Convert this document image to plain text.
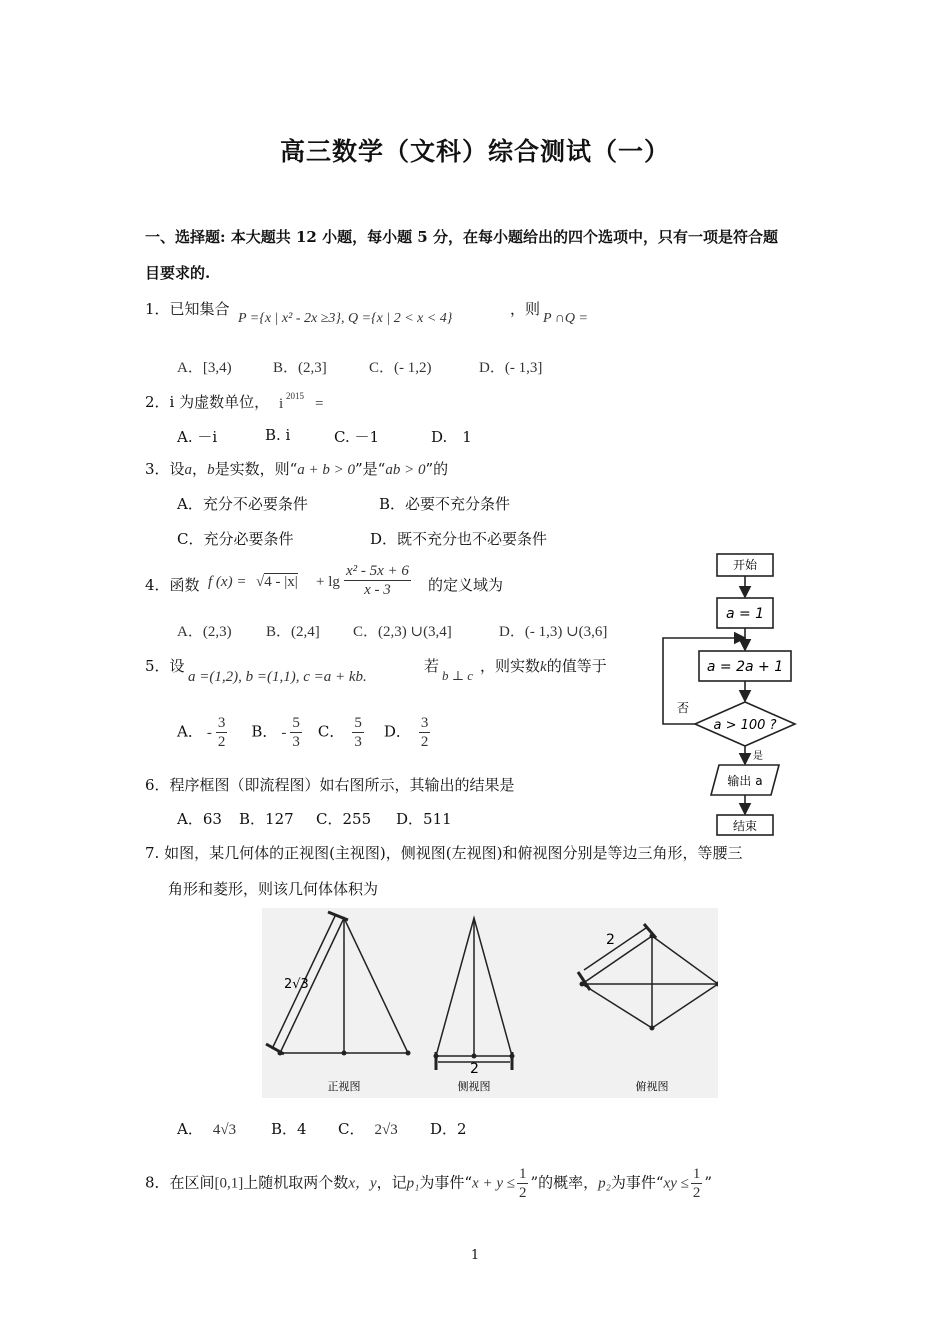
高三数学（文科）综合测试（一）
一、选择题: 本大题共 12 小题，每小题 5 分，在每小题给出的四个选项中，只有一项是符合题
目要求的.
1．已知集合
P ={x | x² - 2x ≥3}, Q ={x | 2 < x < 4}
，则
P ∩Q =
A．[3,4)	B．(2,3]	C．(- 1,2)	D．(- 1,3]
2．i 为虚数单位， i 2015 =
A. －i	B. i	C. －1	D.　1
3．设a，b是实数，则“a + b > 0”是“ab > 0”的
A．充分不必要条件	B．必要不充分条件
C．充分必要条件	D．既不充分也不必要条件
4．函数 f $(x) = √4 - |x| + \lg \frac{\text{x² - 5x + 6}}{x - 3}$ 的定义域为
A．(2,3) B．(2,4] C．(2,3) ∪(3,4]	D．(- 1,3) ∪(3,6]
5．设
a =(1,2), b =(1,1), c =a + kb.
若
b ⊥ c
，则实数k的值等于
A． - $\frac{3}{2}$ B． - $\frac{5}{3}$ C． $\frac{5}{3}$ D． $\frac{3}{2}$
6．程序框图（即流程图）如右图所示，其输出的结果是
A．63 B．127 C．255 D．511
开始
a = 1
a = 2a + 1
a > 100 ?
否
是
输出 a
结束
7. 如图，某几何体的正视图(主视图)，侧视图(左视图)和俯视图分别是等边三角形，等腰三
角形和菱形，则该几何体体积为
2√3
2
2
正视图	侧视图	俯视图
A． 4√3 B．4 C． 2√3 D．2
8．在区间[0,1]上随机取两个数x，y，记p₁为事件“$x + y \le \frac{1}{2}$ ”的概率，p₂为事件“xy ≤ $\frac{1}{2}$ ”
1
